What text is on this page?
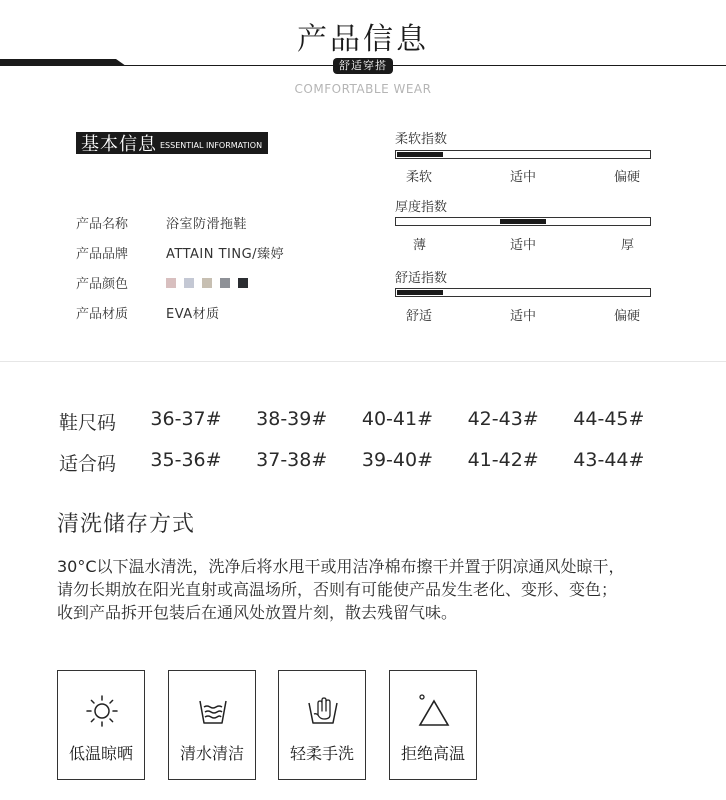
产品信息
舒适穿搭
COMFORTABLE WEAR
基本信息 ESSENTIAL INFORMATION
产品名称	浴室防滑拖鞋
产品品牌	ATTAIN TING/臻婷
产品颜色
产品材质	EVA材质
柔软指数
柔软	适中	偏硬
厚度指数
薄	适中	厚
舒适指数
舒适	适中	偏硬
鞋尺码	36-37#	38-39#	40-41#	42-43#	44-45#
适合码	35-36#	37-38#	39-40#	41-42#	43-44#
清洗储存方式
30°C以下温水清洗，洗净后将水甩干或用洁净棉布擦干并置于阴凉通风处晾干，
请勿长期放在阳光直射或高温场所，否则有可能使产品发生老化、变形、变色；
收到产品拆开包装后在通风处放置片刻，散去残留气味。
低温晾晒	清水清洁	轻柔手洗	拒绝高温
